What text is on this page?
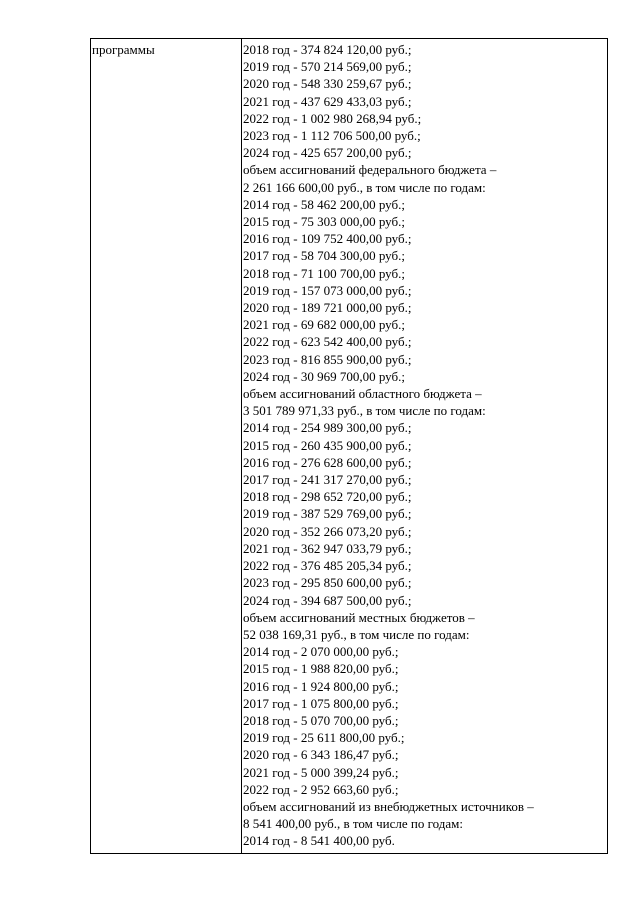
программы	2018 год - 374 824 120,00 руб.;
2019 год - 570 214 569,00 руб.;
2020 год - 548 330 259,67 руб.;
2021 год - 437 629 433,03 руб.;
2022 год - 1 002 980 268,94 руб.;
2023 год - 1 112 706 500,00 руб.;
2024 год - 425 657 200,00 руб.;
объем ассигнований федерального бюджета –
2 261 166 600,00 руб., в том числе по годам:
2014 год - 58 462 200,00 руб.;
2015 год - 75 303 000,00 руб.;
2016 год - 109 752 400,00 руб.;
2017 год - 58 704 300,00 руб.;
2018 год - 71 100 700,00 руб.;
2019 год - 157 073 000,00 руб.;
2020 год - 189 721 000,00 руб.;
2021 год - 69 682 000,00 руб.;
2022 год - 623 542 400,00 руб.;
2023 год - 816 855 900,00 руб.;
2024 год - 30 969 700,00 руб.;
объем ассигнований областного бюджета –
3 501 789 971,33 руб., в том числе по годам:
2014 год - 254 989 300,00 руб.;
2015 год - 260 435 900,00 руб.;
2016 год - 276 628 600,00 руб.;
2017 год - 241 317 270,00 руб.;
2018 год - 298 652 720,00 руб.;
2019 год - 387 529 769,00 руб.;
2020 год - 352 266 073,20 руб.;
2021 год - 362 947 033,79 руб.;
2022 год - 376 485 205,34 руб.;
2023 год - 295 850 600,00 руб.;
2024 год - 394 687 500,00 руб.;
объем ассигнований местных бюджетов –
52 038 169,31 руб., в том числе по годам:
2014 год - 2 070 000,00 руб.;
2015 год - 1 988 820,00 руб.;
2016 год - 1 924 800,00 руб.;
2017 год - 1 075 800,00 руб.;
2018 год - 5 070 700,00 руб.;
2019 год - 25 611 800,00 руб.;
2020 год - 6 343 186,47 руб.;
2021 год - 5 000 399,24 руб.;
2022 год - 2 952 663,60 руб.;
объем ассигнований из внебюджетных источников –
8 541 400,00 руб., в том числе по годам:
2014 год - 8 541 400,00 руб.
